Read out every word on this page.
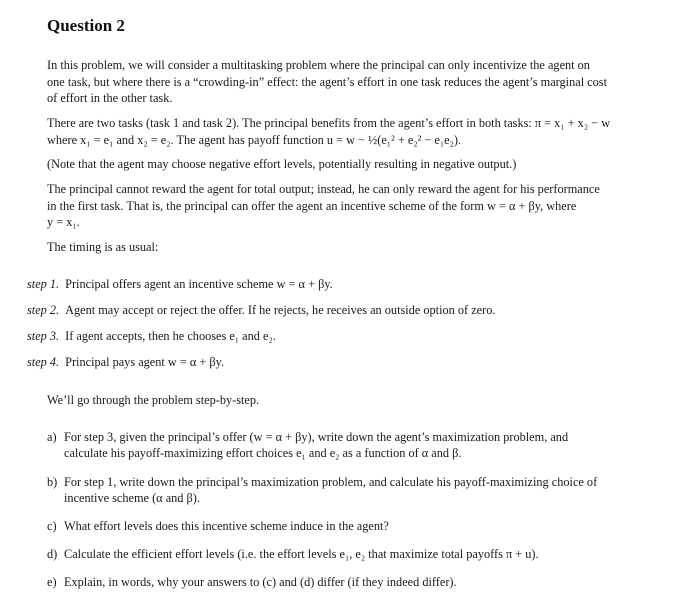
Question 2

In this problem, we will consider a multitasking problem where the principal can only incentivize the agent on
one task, but where there is a “crowding-in” effect: the agent’s effort in one task reduces the agent’s marginal cost
of effort in the other task.

There are two tasks (task 1 and task 2). The principal benefits from the agent’s effort in both tasks: π = x₁ + x₂ − w
where x₁ = e₁ and x₂ = e₂. The agent has payoff function u = w − ½(e₁² + e₂² − e₁e₂).

(Note that the agent may choose negative effort levels, potentially resulting in negative output.)

The principal cannot reward the agent for total output; instead, he can only reward the agent for his performance
in the first task. That is, the principal can offer the agent an incentive scheme of the form w = α + βy, where
y = x₁.

The timing is as usual:

step 1. Principal offers agent an incentive scheme w = α + βy.

step 2. Agent may accept or reject the offer. If he rejects, he receives an outside option of zero.

step 3. If agent accepts, then he chooses e₁ and e₂.

step 4. Principal pays agent w = α + βy.

We’ll go through the problem step-by-step.

a) For step 3, given the principal’s offer (w = α + βy), write down the agent’s maximization problem, and
calculate his payoff-maximizing effort choices e₁ and e₂ as a function of α and β.
b) For step 1, write down the principal’s maximization problem, and calculate his payoff-maximizing choice of
incentive scheme (α and β).
c) What effort levels does this incentive scheme induce in the agent?
d) Calculate the efficient effort levels (i.e. the effort levels e₁, e₂ that maximize total payoffs π + u).
e) Explain, in words, why your answers to (c) and (d) differ (if they indeed differ).
